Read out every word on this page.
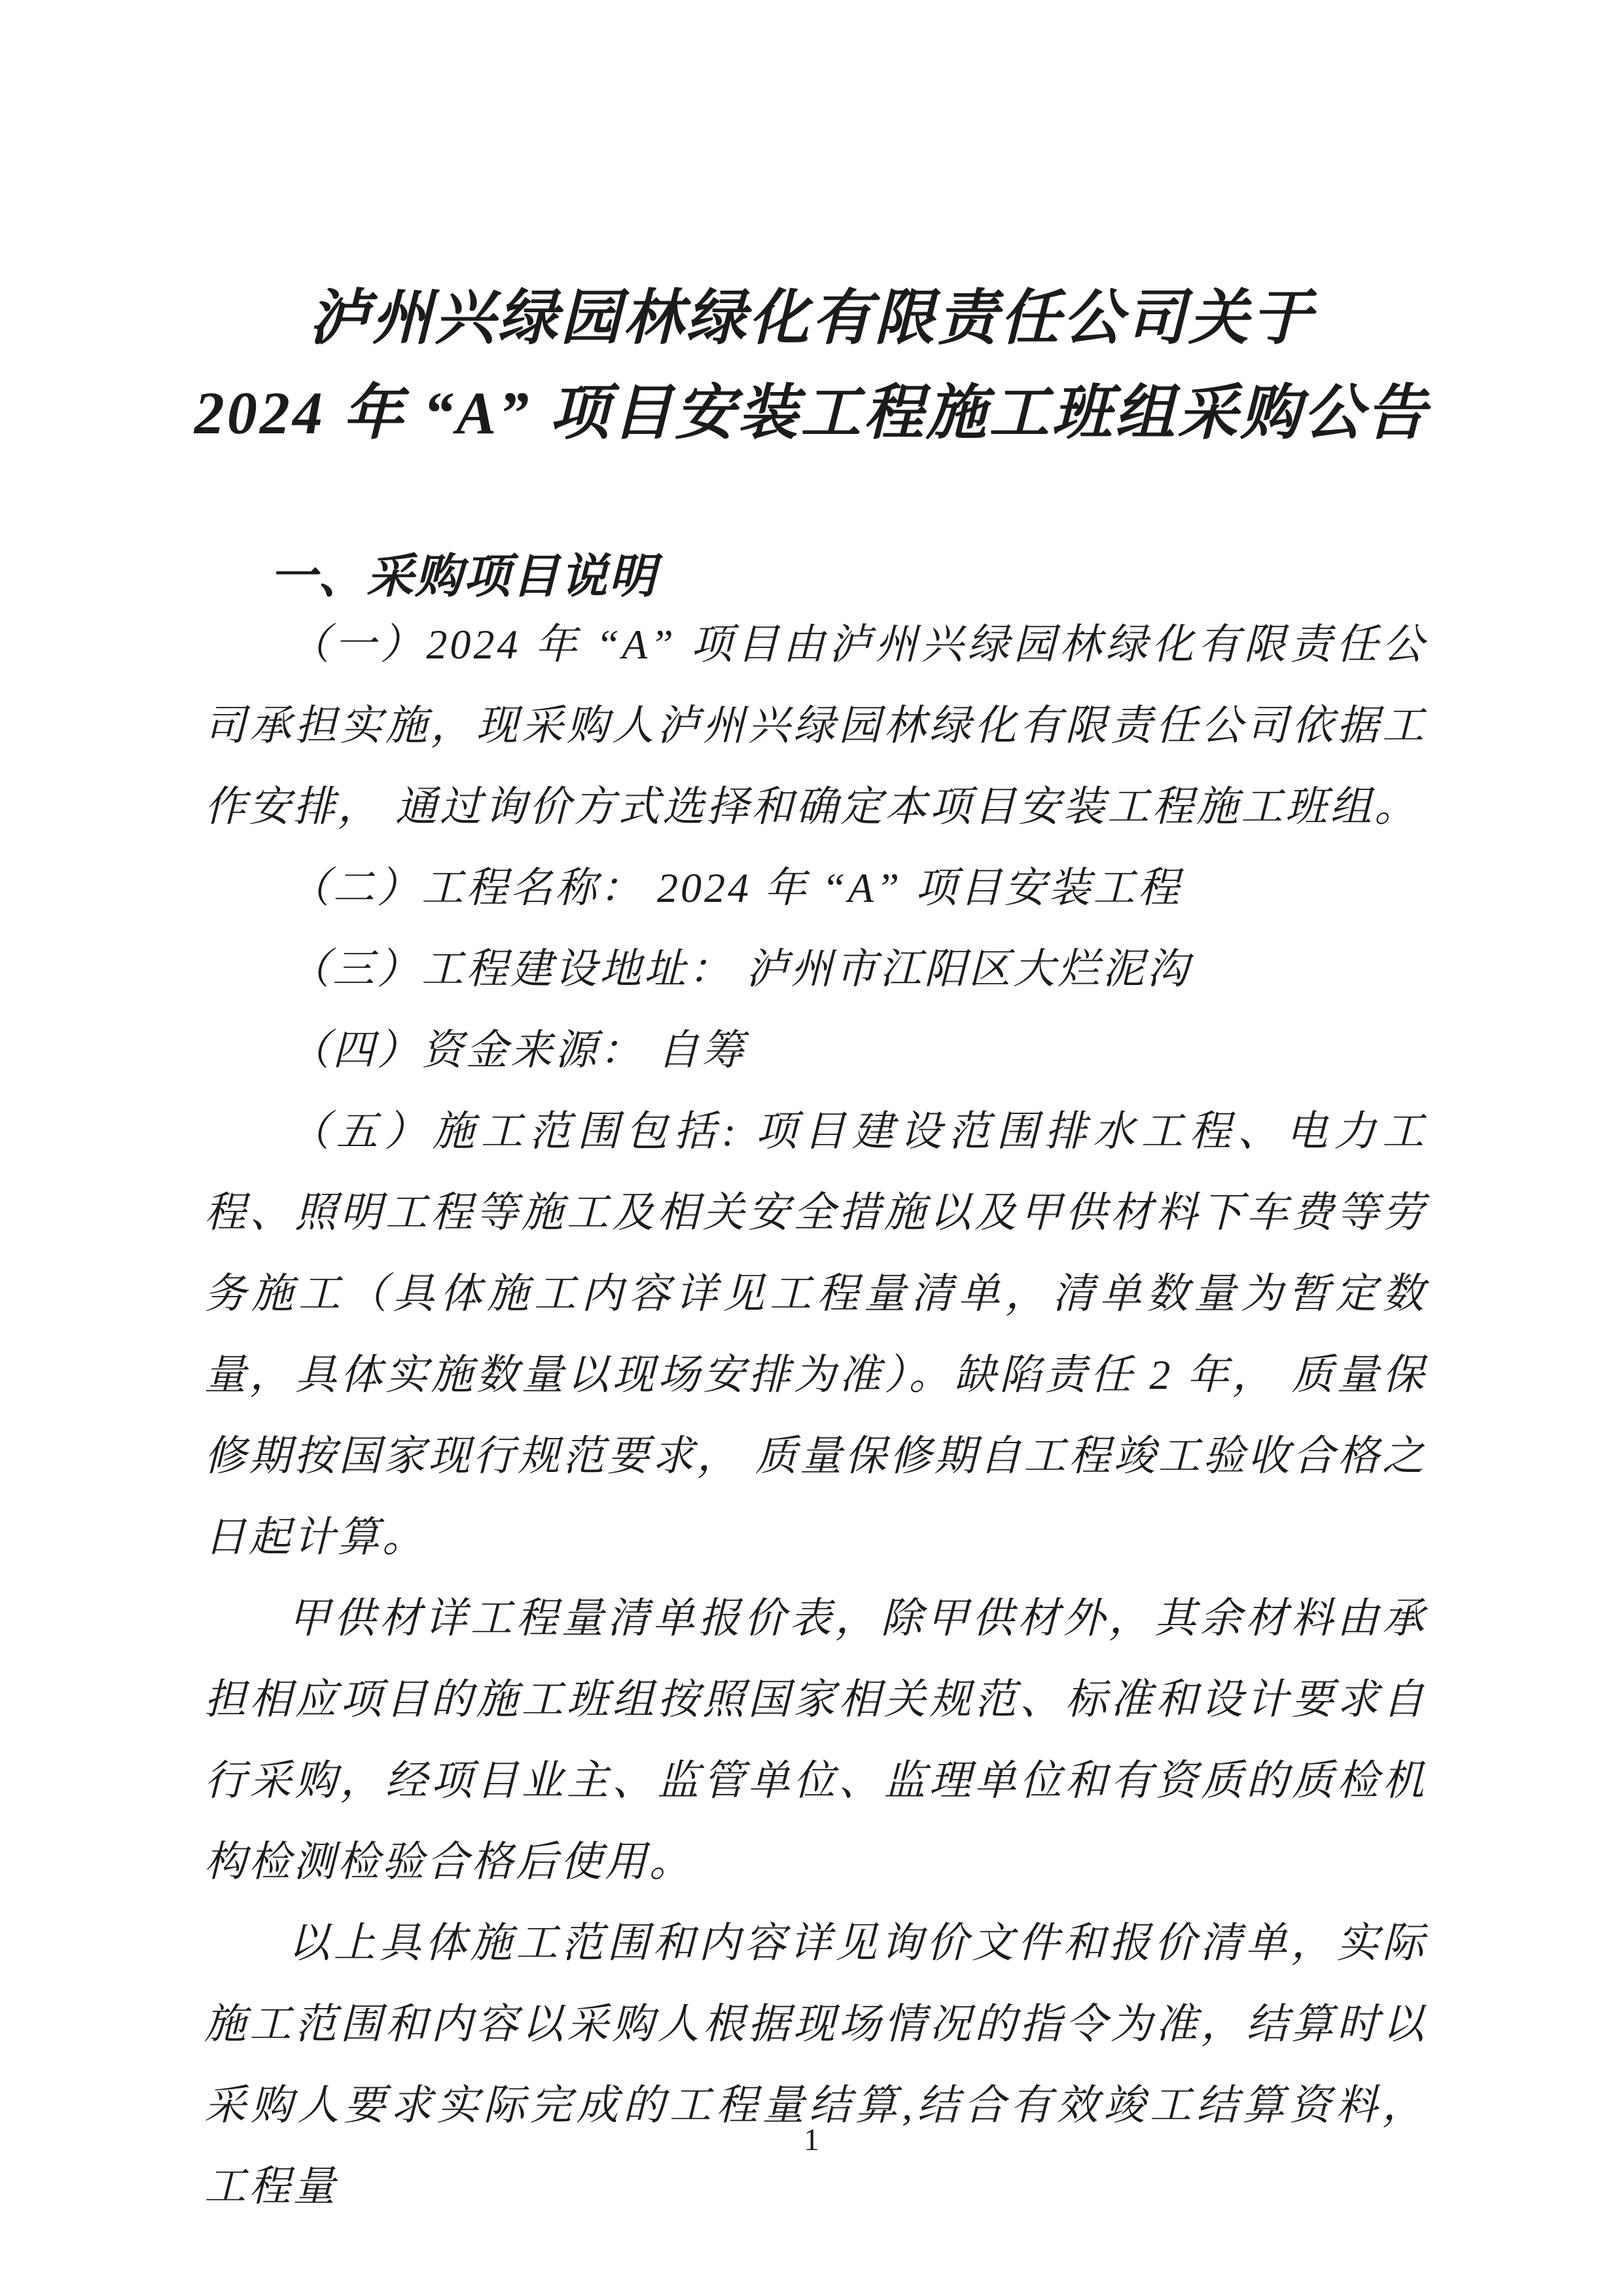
泸州兴绿园林绿化有限责任公司关于
2024 年 “A” 项目安装工程施工班组采购公告
一、采购项目说明

（一）2024 年 “A” 项目由泸州兴绿园林绿化有限责任公司承担实施，现采购人泸州兴绿园林绿化有限责任公司依据工作安排， 通过询价方式选择和确定本项目安装工程施工班组。

（二）工程名称： 2024 年 “A” 项目安装工程

（三）工程建设地址： 泸州市江阳区大烂泥沟

（四）资金来源： 自筹

（五）施工范围包括: 项目建设范围排水工程、电力工程、照明工程等施工及相关安全措施以及甲供材料下车费等劳务施工（具体施工内容详见工程量清单，清单数量为暂定数量，具体实施数量以现场安排为准）。缺陷责任 2 年， 质量保修期按国家现行规范要求， 质量保修期自工程竣工验收合格之日起计算。

甲供材详工程量清单报价表，除甲供材外，其余材料由承担相应项目的施工班组按照国家相关规范、标准和设计要求自行采购，经项目业主、监管单位、监理单位和有资质的质检机构检测检验合格后使用。

以上具体施工范围和内容详见询价文件和报价清单，实际施工范围和内容以采购人根据现场情况的指令为准，结算时以采购人要求实际完成的工程量结算,结合有效竣工结算资料， 工程量

1
